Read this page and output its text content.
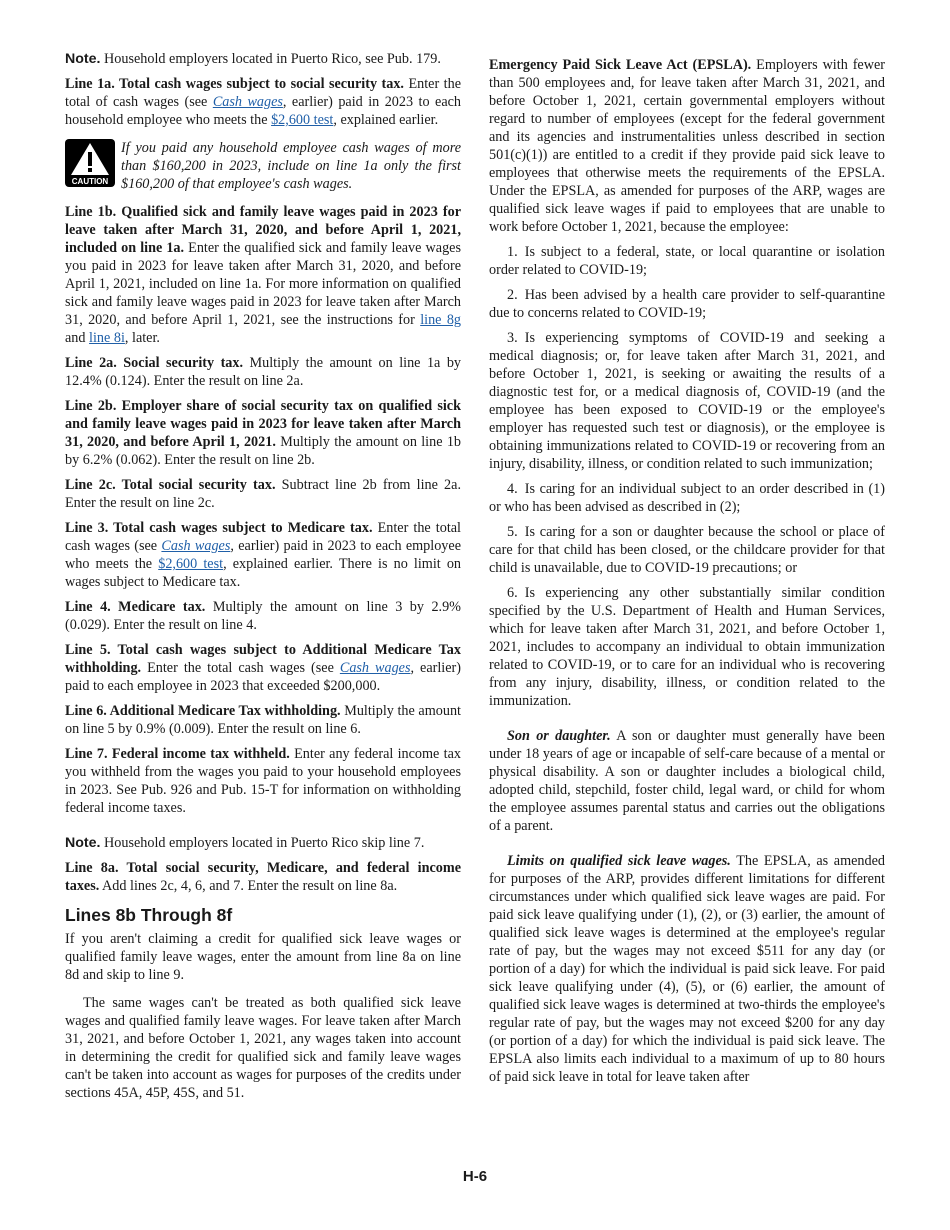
Note. Household employers located in Puerto Rico, see Pub. 179.

Line 1a. Total cash wages subject to social security tax. Enter the total of cash wages (see Cash wages, earlier) paid in 2023 to each household employee who meets the $2,600 test, explained earlier.

CAUTION

If you paid any household employee cash wages of more than $160,200 in 2023, include on line 1a only the first $160,200 of that employee's cash wages.

Line 1b. Qualified sick and family leave wages paid in 2023 for leave taken after March 31, 2020, and before April 1, 2021, included on line 1a. Enter the qualified sick and family leave wages you paid in 2023 for leave taken after March 31, 2020, and before April 1, 2021, included on line 1a. For more information on qualified sick and family leave wages paid in 2023 for leave taken after March 31, 2020, and before April 1, 2021, see the instructions for line 8g and line 8i, later.

Line 2a. Social security tax. Multiply the amount on line 1a by 12.4% (0.124). Enter the result on line 2a.

Line 2b. Employer share of social security tax on qualified sick and family leave wages paid in 2023 for leave taken after March 31, 2020, and before April 1, 2021. Multiply the amount on line 1b by 6.2% (0.062). Enter the result on line 2b.

Line 2c. Total social security tax. Subtract line 2b from line 2a. Enter the result on line 2c.

Line 3. Total cash wages subject to Medicare tax. Enter the total cash wages (see Cash wages, earlier) paid in 2023 to each employee who meets the $2,600 test, explained earlier. There is no limit on wages subject to Medicare tax.

Line 4. Medicare tax. Multiply the amount on line 3 by 2.9% (0.029). Enter the result on line 4.

Line 5. Total cash wages subject to Additional Medicare Tax withholding. Enter the total cash wages (see Cash wages, earlier) paid to each employee in 2023 that exceeded $200,000.

Line 6. Additional Medicare Tax withholding. Multiply the amount on line 5 by 0.9% (0.009). Enter the result on line 6.

Line 7. Federal income tax withheld. Enter any federal income tax you withheld from the wages you paid to your household employees in 2023. See Pub. 926 and Pub. 15-T for information on withholding federal income taxes.

Note. Household employers located in Puerto Rico skip line 7.

Line 8a. Total social security, Medicare, and federal income taxes. Add lines 2c, 4, 6, and 7. Enter the result on line 8a.

Lines 8b Through 8f

If you aren't claiming a credit for qualified sick leave wages or qualified family leave wages, enter the amount from line 8a on line 8d and skip to line 9.

The same wages can't be treated as both qualified sick leave wages and qualified family leave wages. For leave taken after March 31, 2021, and before October 1, 2021, any wages taken into account in determining the credit for qualified sick and family leave wages can't be taken into account as wages for purposes of the credits under sections 45A, 45P, 45S, and 51.

Emergency Paid Sick Leave Act (EPSLA). Employers with fewer than 500 employees and, for leave taken after March 31, 2021, and before October 1, 2021, certain governmental employers without regard to number of employees (except for the federal government and its agencies and instrumentalities unless described in section 501(c)(1)) are entitled to a credit if they provide paid sick leave to employees that otherwise meets the requirements of the EPSLA. Under the EPSLA, as amended for purposes of the ARP, wages are qualified sick leave wages if paid to employees that are unable to work before October 1, 2021, because the employee:

1. Is subject to a federal, state, or local quarantine or isolation order related to COVID-19;

2. Has been advised by a health care provider to self-quarantine due to concerns related to COVID-19;

3. Is experiencing symptoms of COVID-19 and seeking a medical diagnosis; or, for leave taken after March 31, 2021, and before October 1, 2021, is seeking or awaiting the results of a diagnostic test for, or a medical diagnosis of, COVID-19 (and the employee has been exposed to COVID-19 or the employee's employer has requested such test or diagnosis), or the employee is obtaining immunizations related to COVID-19 or recovering from an injury, disability, illness, or condition related to such immunization;

4. Is caring for an individual subject to an order described in (1) or who has been advised as described in (2);

5. Is caring for a son or daughter because the school or place of care for that child has been closed, or the childcare provider for that child is unavailable, due to COVID-19 precautions; or

6. Is experiencing any other substantially similar condition specified by the U.S. Department of Health and Human Services, which for leave taken after March 31, 2021, and before October 1, 2021, includes to accompany an individual to obtain immunization related to COVID-19, or to care for an individual who is recovering from any injury, disability, illness, or condition related to the immunization.

Son or daughter. A son or daughter must generally have been under 18 years of age or incapable of self-care because of a mental or physical disability. A son or daughter includes a biological child, adopted child, stepchild, foster child, legal ward, or child for whom the employee assumes parental status and carries out the obligations of a parent.

Limits on qualified sick leave wages. The EPSLA, as amended for purposes of the ARP, provides different limitations for different circumstances under which qualified sick leave wages are paid. For paid sick leave qualifying under (1), (2), or (3) earlier, the amount of qualified sick leave wages is determined at the employee's regular rate of pay, but the wages may not exceed $511 for any day (or portion of a day) for which the individual is paid sick leave. For paid sick leave qualifying under (4), (5), or (6) earlier, the amount of qualified sick leave wages is determined at two-thirds the employee's regular rate of pay, but the wages may not exceed $200 for any day (or portion of a day) for which the individual is paid sick leave. The EPSLA also limits each individual to a maximum of up to 80 hours of paid sick leave in total for leave taken after

H-6
